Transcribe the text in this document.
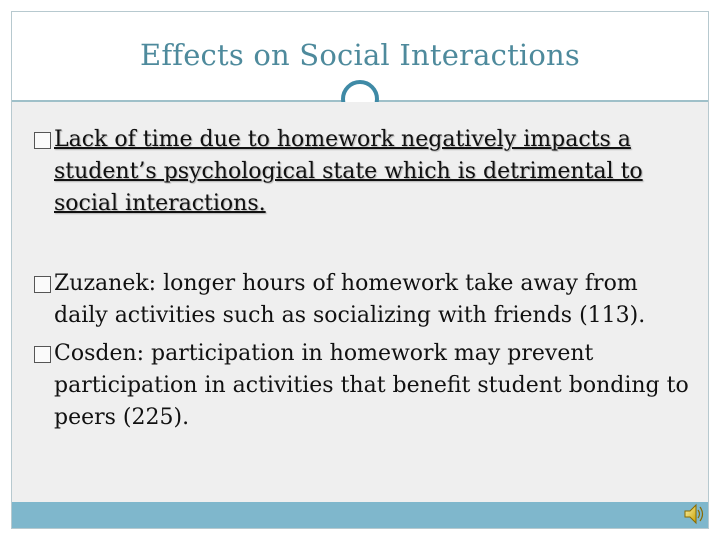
Effects on Social Interactions
Lack of time due to homework negatively impacts a student’s psychological state which is detrimental to social interactions.
Zuzanek: longer hours of homework take away from daily activities such as socializing with friends (113).
Cosden: participation in homework may prevent participation in activities that benefit student bonding to peers (225).
